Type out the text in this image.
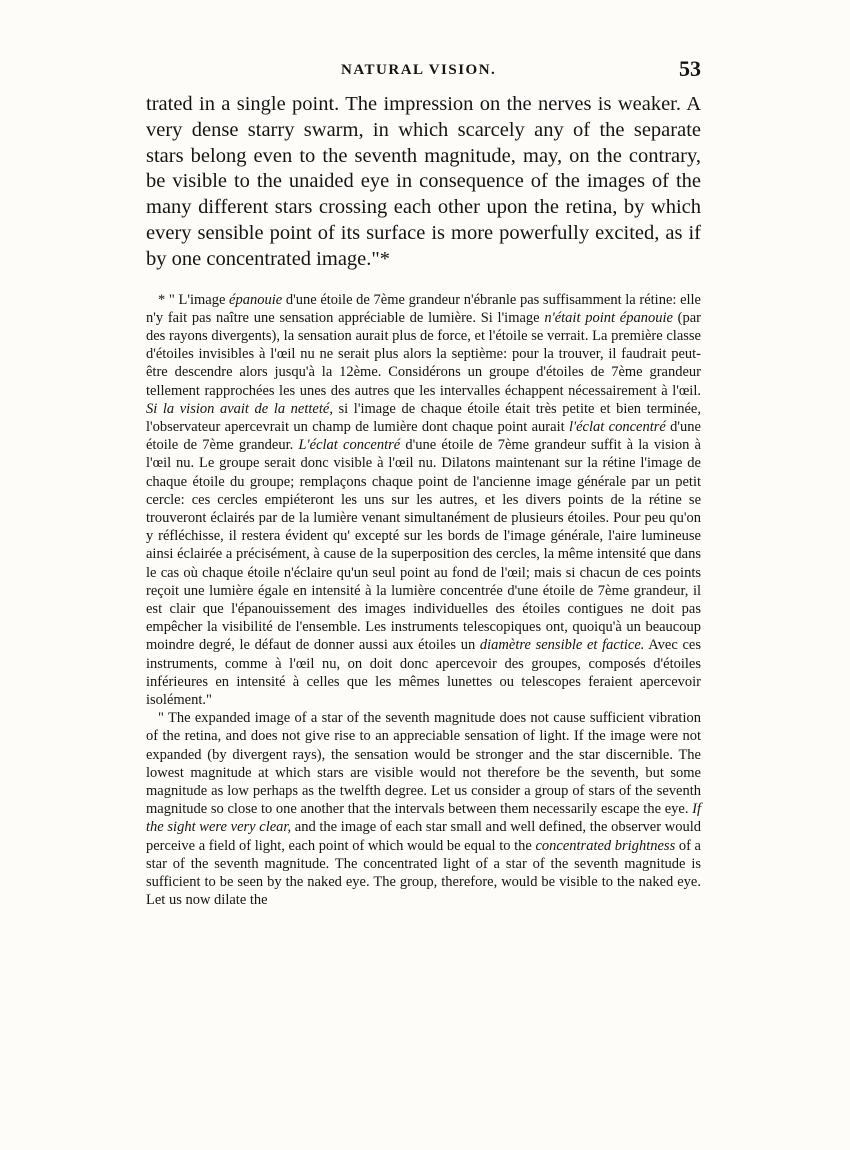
NATURAL VISION.	53

trated in a single point. The impression on the nerves is weaker. A very dense starry swarm, in which scarcely any of the separate stars belong even to the seventh magnitude, may, on the contrary, be visible to the unaided eye in consequence of the images of the many different stars crossing each other upon the retina, by which every sensible point of its surface is more powerfully excited, as if by one concentrated image."*

* " L'image épanouie d'une étoile de 7ème grandeur n'ébranle pas suffisamment la rétine: elle n'y fait pas naître une sensation appréciable de lumière. Si l'image n'était point épanouie (par des rayons divergents), la sensation aurait plus de force, et l'étoile se verrait. La première classe d'étoiles invisibles à l'œil nu ne serait plus alors la septième: pour la trouver, il faudrait peut-être descendre alors jusqu'à la 12ème. Considérons un groupe d'étoiles de 7ème grandeur tellement rapprochées les unes des autres que les intervalles échappent nécessairement à l'œil. Si la vision avait de la netteté, si l'image de chaque étoile était très petite et bien terminée, l'observateur apercevrait un champ de lumière dont chaque point aurait l'éclat concentré d'une étoile de 7ème grandeur. L'éclat concentré d'une étoile de 7ème grandeur suffit à la vision à l'œil nu. Le groupe serait donc visible à l'œil nu. Dilatons maintenant sur la rétine l'image de chaque étoile du groupe; remplaçons chaque point de l'ancienne image générale par un petit cercle: ces cercles empiéteront les uns sur les autres, et les divers points de la rétine se trouveront éclairés par de la lumière venant simultanément de plusieurs étoiles. Pour peu qu'on y réfléchisse, il restera évident qu' excepté sur les bords de l'image générale, l'aire lumineuse ainsi éclairée a précisément, à cause de la superposition des cercles, la même intensité que dans le cas où chaque étoile n'éclaire qu'un seul point au fond de l'œil; mais si chacun de ces points reçoit une lumière égale en intensité à la lumière concentrée d'une étoile de 7ème grandeur, il est clair que l'épanouissement des images individuelles des étoiles contigues ne doit pas empêcher la visibilité de l'ensemble. Les instruments telescopiques ont, quoiqu'à un beaucoup moindre degré, le défaut de donner aussi aux étoiles un diamètre sensible et factice. Avec ces instruments, comme à l'œil nu, on doit donc apercevoir des groupes, composés d'étoiles inférieures en intensité à celles que les mêmes lunettes ou telescopes feraient apercevoir isolément."

" The expanded image of a star of the seventh magnitude does not cause sufficient vibration of the retina, and does not give rise to an appreciable sensation of light. If the image were not expanded (by divergent rays), the sensation would be stronger and the star discernible. The lowest magnitude at which stars are visible would not therefore be the seventh, but some magnitude as low perhaps as the twelfth degree. Let us consider a group of stars of the seventh magnitude so close to one another that the intervals between them necessarily escape the eye. If the sight were very clear, and the image of each star small and well defined, the observer would perceive a field of light, each point of which would be equal to the concentrated brightness of a star of the seventh magnitude. The concentrated light of a star of the seventh magnitude is sufficient to be seen by the naked eye. The group, therefore, would be visible to the naked eye. Let us now dilate the
